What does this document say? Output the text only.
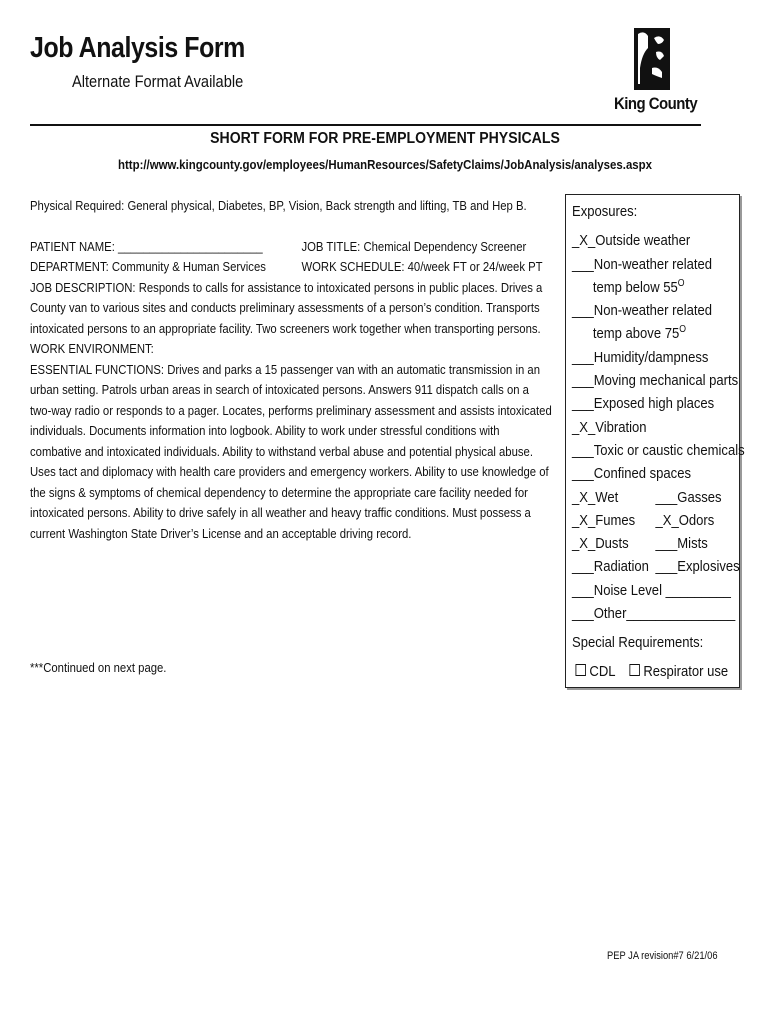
Job Analysis Form
Alternate Format Available
King County
SHORT FORM FOR PRE-EMPLOYMENT PHYSICALS
http://www.kingcounty.gov/employees/HumanResources/SafetyClaims/JobAnalysis/analyses.aspx

Physical Required: General physical, Diabetes, BP, Vision, Back strength and lifting, TB and Hep B.

PATIENT NAME: _______________________	JOB TITLE: Chemical Dependency Screener
DEPARTMENT: Community & Human Services	WORK SCHEDULE: 40/week FT or 24/week PT

JOB DESCRIPTION: Responds to calls for assistance to intoxicated persons in public places. Drives a County van to various sites and conducts preliminary assessments of a person’s condition. Transports intoxicated persons to an appropriate facility. Two screeners work together when transporting persons.

WORK ENVIRONMENT:

ESSENTIAL FUNCTIONS: Drives and parks a 15 passenger van with an automatic transmission in an urban setting. Patrols urban areas in search of intoxicated persons. Answers 911 dispatch calls on a two-way radio or responds to a pager. Locates, performs preliminary assessment and assists intoxicated individuals. Documents information into logbook. Ability to work under stressful conditions with combative and intoxicated individuals. Ability to withstand verbal abuse and potential physical abuse. Uses tact and diplomacy with health care providers and emergency workers. Ability to use knowledge of the signs & symptoms of chemical dependency to determine the appropriate care facility needed for intoxicated persons. Ability to drive safely in all weather and heavy traffic conditions. Must possess a current Washington State Driver’s License and an acceptable driving record.

***Continued on next page.
Exposures:
_X_Outside weather
___Non-weather related
temp below $55^O$
___Non-weather related
temp above $75^O$
___Humidity/dampness
___Moving mechanical parts
___Exposed high places
_X_Vibration
___Toxic or caustic chemicals
___Confined spaces
_X_Wet ___Gasses
_X_Fumes _X_Odors
_X_Dusts ___Mists
___Radiation ___Explosives
___Noise Level _________
___Other_______________
Special Requirements:
CDL Respirator use
PEP JA revision#7 6/21/06
